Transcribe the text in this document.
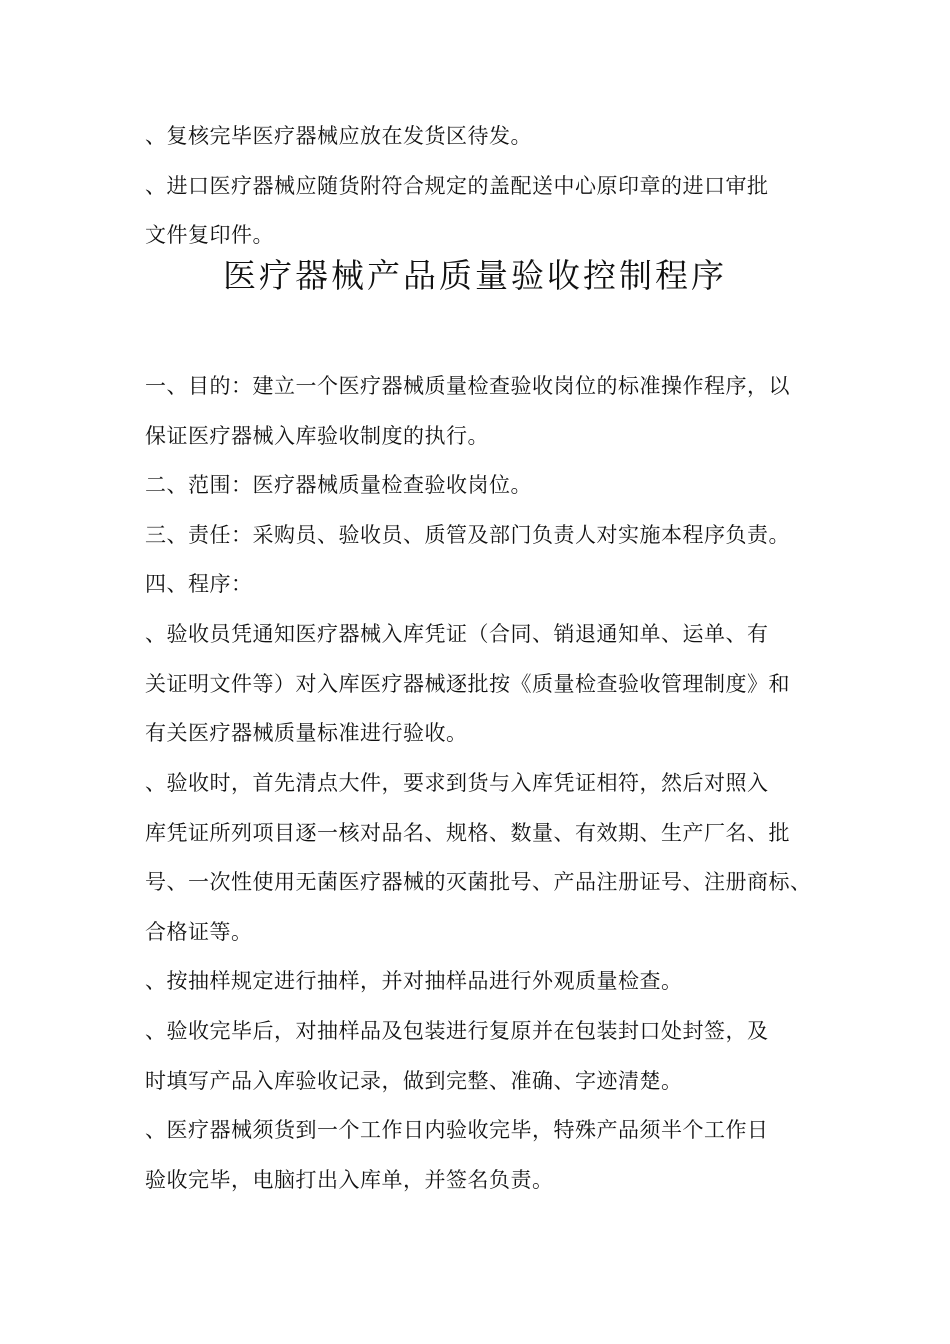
、复核完毕医疗器械应放在发货区待发。
、进口医疗器械应随货附符合规定的盖配送中心原印章的进口审批
文件复印件。
医疗器械产品质量验收控制程序
一、目的：建立一个医疗器械质量检查验收岗位的标准操作程序，以
保证医疗器械入库验收制度的执行。
二、范围：医疗器械质量检查验收岗位。
三、责任：采购员、验收员、质管及部门负责人对实施本程序负责。
四、程序：
、验收员凭通知医疗器械入库凭证（合同、销退通知单、运单、有
关证明文件等）对入库医疗器械逐批按《质量检查验收管理制度》和
有关医疗器械质量标准进行验收。
、验收时，首先清点大件，要求到货与入库凭证相符，然后对照入
库凭证所列项目逐一核对品名、规格、数量、有效期、生产厂名、批
号、一次性使用无菌医疗器械的灭菌批号、产品注册证号、注册商标、
合格证等。
、按抽样规定进行抽样，并对抽样品进行外观质量检查。
、验收完毕后，对抽样品及包装进行复原并在包装封口处封签，及
时填写产品入库验收记录，做到完整、准确、字迹清楚。
、医疗器械须货到一个工作日内验收完毕，特殊产品须半个工作日
验收完毕，电脑打出入库单，并签名负责。
